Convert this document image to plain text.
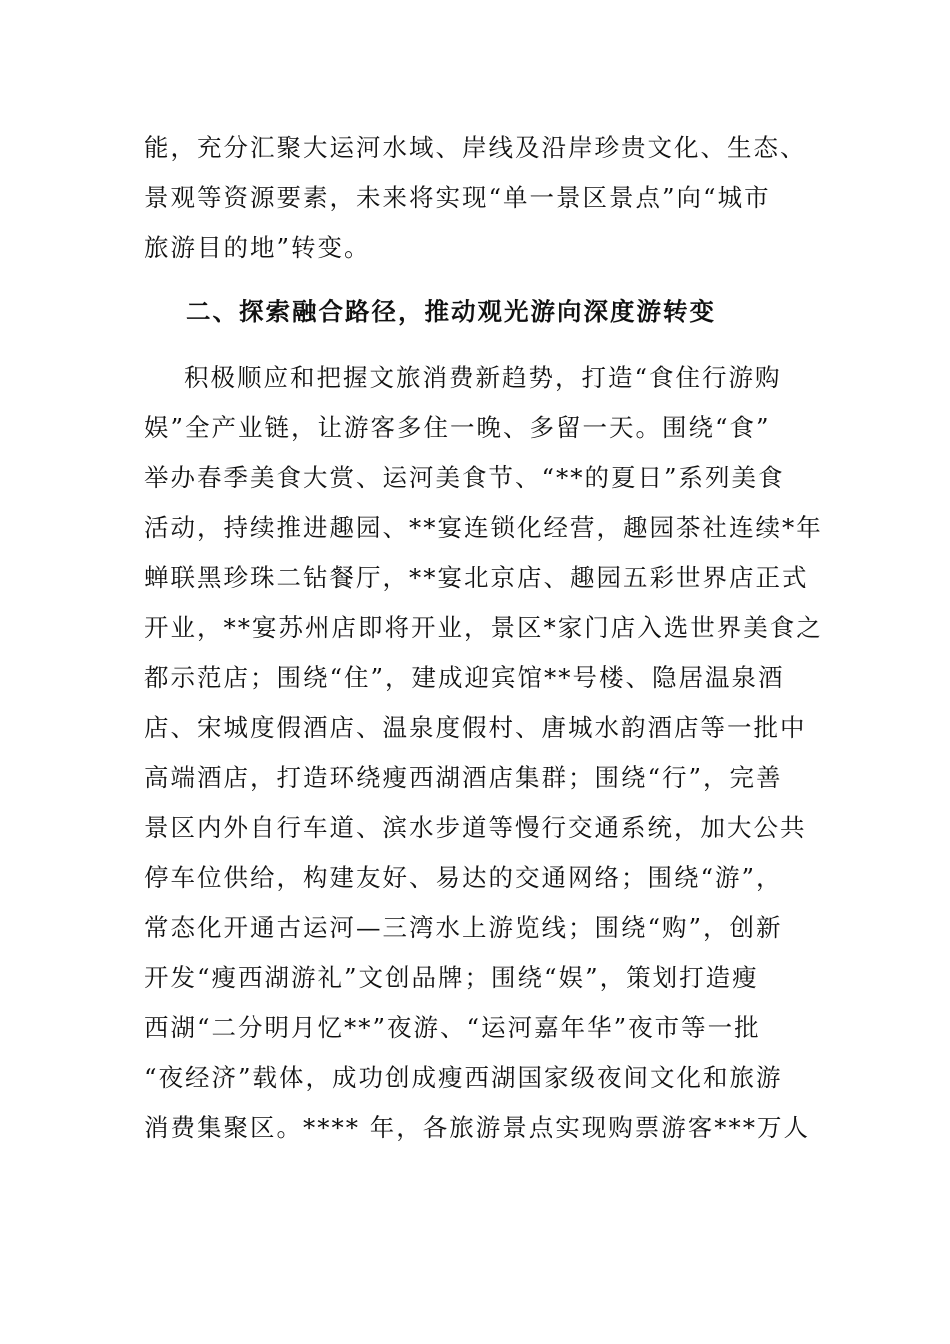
能，充分汇聚大运河水域、岸线及沿岸珍贵文化、生态、
景观等资源要素，未来将实现“单一景区景点”向“城市
旅游目的地”转变。
二、探索融合路径，推动观光游向深度游转变
积极顺应和把握文旅消费新趋势，打造“食住行游购
娱”全产业链，让游客多住一晚、多留一天。围绕“食”
举办春季美食大赏、运河美食节、“**的夏日”系列美食
活动，持续推进趣园、**宴连锁化经营，趣园茶社连续*年
蝉联黑珍珠二钻餐厅，**宴北京店、趣园五彩世界店正式
开业，**宴苏州店即将开业，景区*家门店入选世界美食之
都示范店；围绕“住”，建成迎宾馆**号楼、隐居温泉酒
店、宋城度假酒店、温泉度假村、唐城水韵酒店等一批中
高端酒店，打造环绕瘦西湖酒店集群；围绕“行”，完善
景区内外自行车道、滨水步道等慢行交通系统，加大公共
停车位供给，构建友好、易达的交通网络；围绕“游”，
常态化开通古运河—三湾水上游览线；围绕“购”，创新
开发“瘦西湖游礼”文创品牌；围绕“娱”，策划打造瘦
西湖“二分明月忆**”夜游、“运河嘉年华”夜市等一批
“夜经济”载体，成功创成瘦西湖国家级夜间文化和旅游
消费集聚区。**** 年，各旅游景点实现购票游客***万人
